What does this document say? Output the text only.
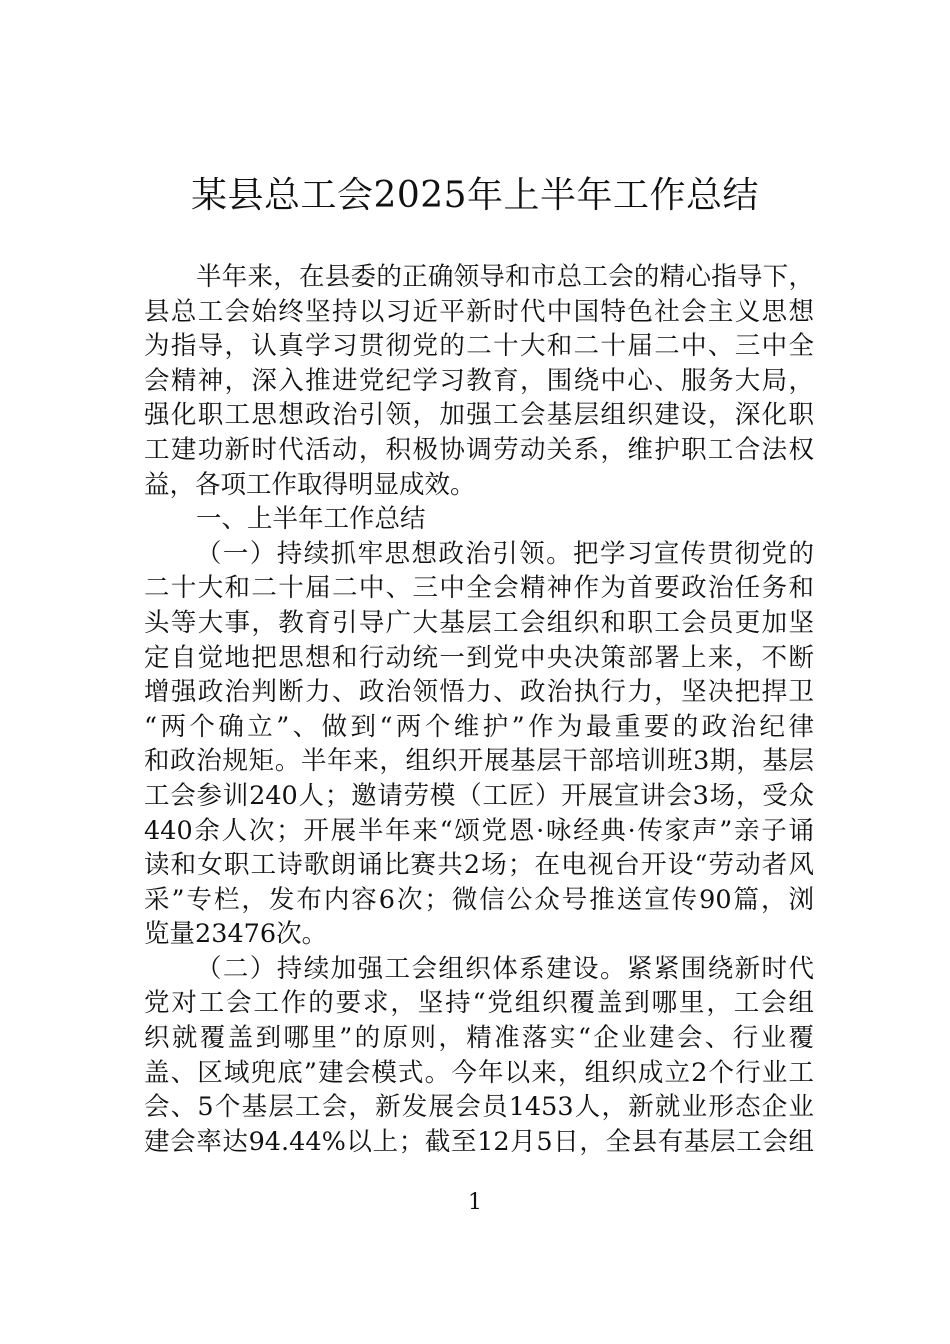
某县总工会2025年上半年工作总结
半年来，在县委的正确领导和市总工会的精心指导下，
县总工会始终坚持以习近平新时代中国特色社会主义思想
为指导，认真学习贯彻党的二十大和二十届二中、三中全
会精神，深入推进党纪学习教育，围绕中心、服务大局，
强化职工思想政治引领，加强工会基层组织建设，深化职
工建功新时代活动，积极协调劳动关系，维护职工合法权
益，各项工作取得明显成效。
一、上半年工作总结
（一）持续抓牢思想政治引领。把学习宣传贯彻党的
二十大和二十届二中、三中全会精神作为首要政治任务和
头等大事，教育引导广大基层工会组织和职工会员更加坚
定自觉地把思想和行动统一到党中央决策部署上来，不断
增强政治判断力、政治领悟力、政治执行力，坚决把捍卫
“两个确立”、做到“两个维护”作为最重要的政治纪律
和政治规矩。半年来，组织开展基层干部培训班3期，基层
工会参训240人；邀请劳模（工匠）开展宣讲会3场，受众
440余人次；开展半年来“颂党恩·咏经典·传家声”亲子诵
读和女职工诗歌朗诵比赛共2场；在电视台开设“劳动者风
采”专栏，发布内容6次；微信公众号推送宣传90篇，浏
览量23476次。
（二）持续加强工会组织体系建设。紧紧围绕新时代
党对工会工作的要求，坚持“党组织覆盖到哪里，工会组
织就覆盖到哪里”的原则，精准落实“企业建会、行业覆
盖、区域兜底”建会模式。今年以来，组织成立2个行业工
会、5个基层工会，新发展会员1453人，新就业形态企业
建会率达94.44%以上；截至12月5日，全县有基层工会组
1
